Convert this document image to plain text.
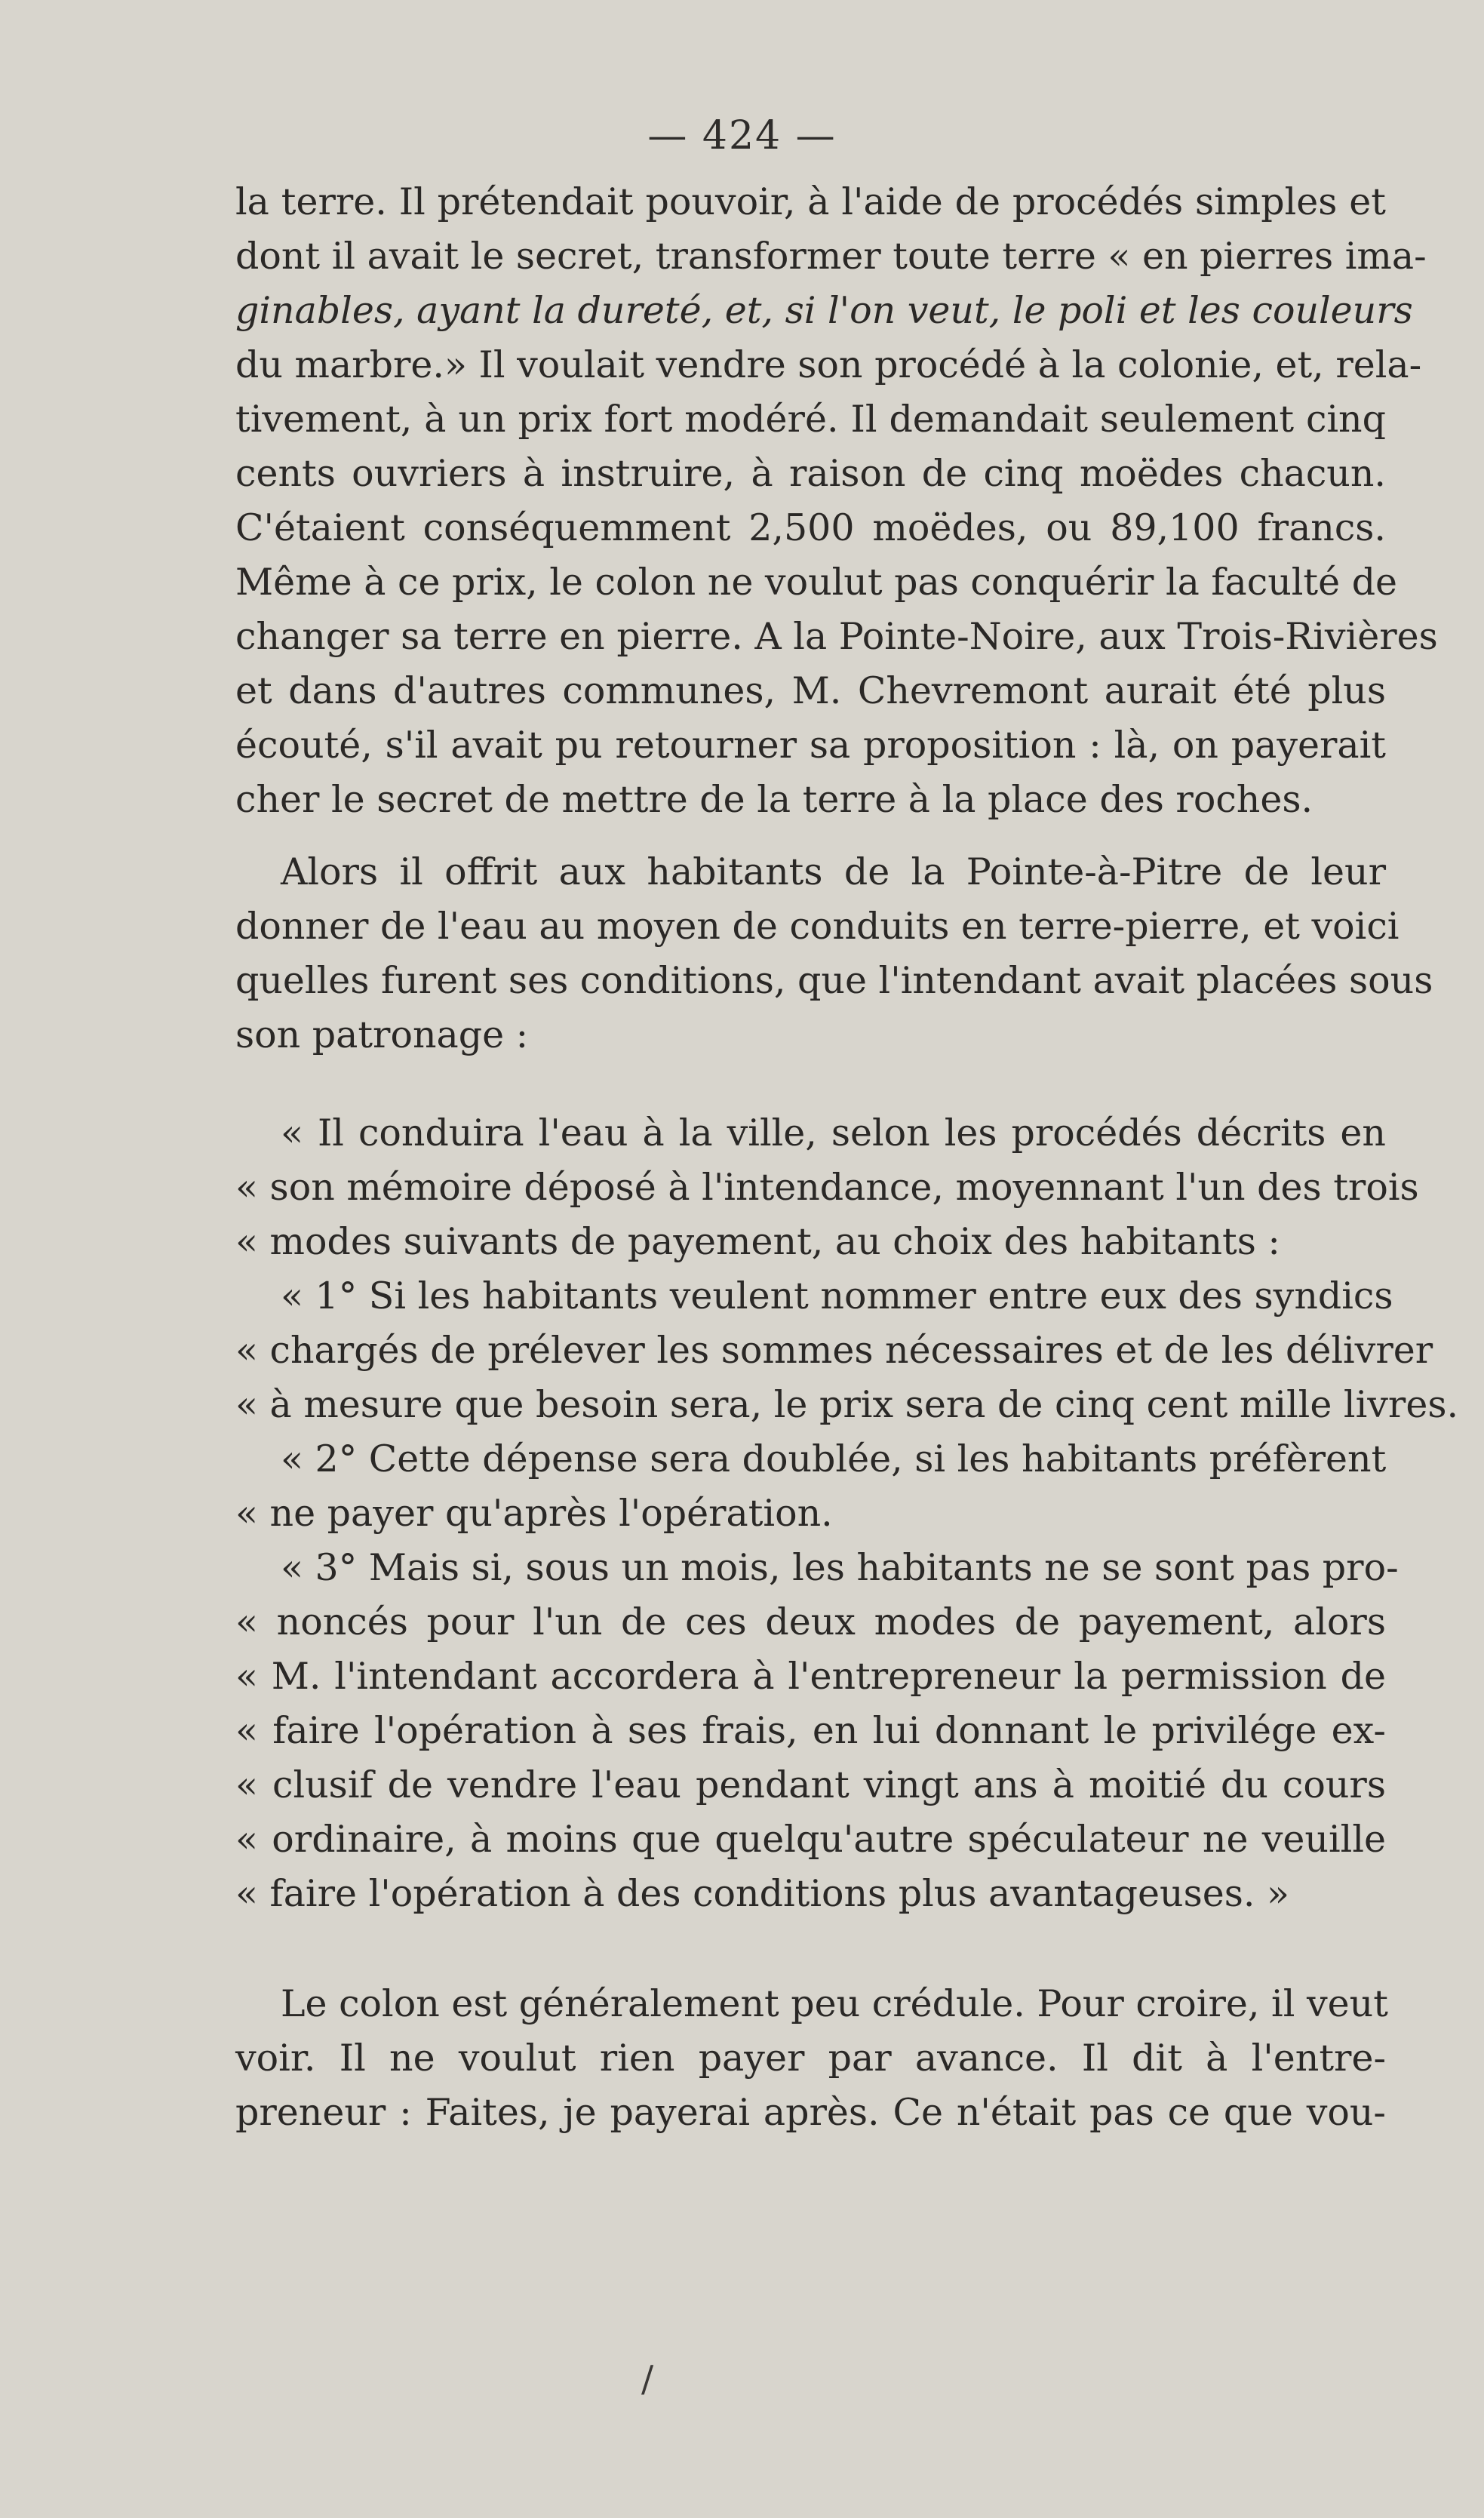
— 424 —
la terre. Il prétendait pouvoir, à l'aide de procédés simples et
dont il avait le secret, transformer toute terre « en pierres ima-
ginables, ayant la dureté, et, si l'on veut, le poli et les couleurs
du marbre.» Il voulait vendre son procédé à la colonie, et, rela-
tivement, à un prix fort modéré. Il demandait seulement cinq
cents ouvriers à instruire, à raison de cinq moëdes chacun.
C'étaient conséquemment 2,500 moëdes, ou 89,100 francs.
Même à ce prix, le colon ne voulut pas conquérir la faculté de
changer sa terre en pierre. A la Pointe-Noire, aux Trois-Rivières
et dans d'autres communes, M. Chevremont aurait été plus
écouté, s'il avait pu retourner sa proposition : là, on payerait
cher le secret de mettre de la terre à la place des roches.
Alors il offrit aux habitants de la Pointe-à-Pitre de leur
donner de l'eau au moyen de conduits en terre-pierre, et voici
quelles furent ses conditions, que l'intendant avait placées sous
son patronage :
« Il conduira l'eau à la ville, selon les procédés décrits en
« son mémoire déposé à l'intendance, moyennant l'un des trois
« modes suivants de payement, au choix des habitants :
« 1° Si les habitants veulent nommer entre eux des syndics
« chargés de prélever les sommes nécessaires et de les délivrer
« à mesure que besoin sera, le prix sera de cinq cent mille livres.
« 2° Cette dépense sera doublée, si les habitants préfèrent
« ne payer qu'après l'opération.
« 3° Mais si, sous un mois, les habitants ne se sont pas pro-
« noncés pour l'un de ces deux modes de payement, alors
« M. l'intendant accordera à l'entrepreneur la permission de
« faire l'opération à ses frais, en lui donnant le privilége ex-
« clusif de vendre l'eau pendant vingt ans à moitié du cours
« ordinaire, à moins que quelqu'autre spéculateur ne veuille
« faire l'opération à des conditions plus avantageuses. »
Le colon est généralement peu crédule. Pour croire, il veut
voir. Il ne voulut rien payer par avance. Il dit à l'entre-
preneur : Faites, je payerai après. Ce n'était pas ce que vou-
/
